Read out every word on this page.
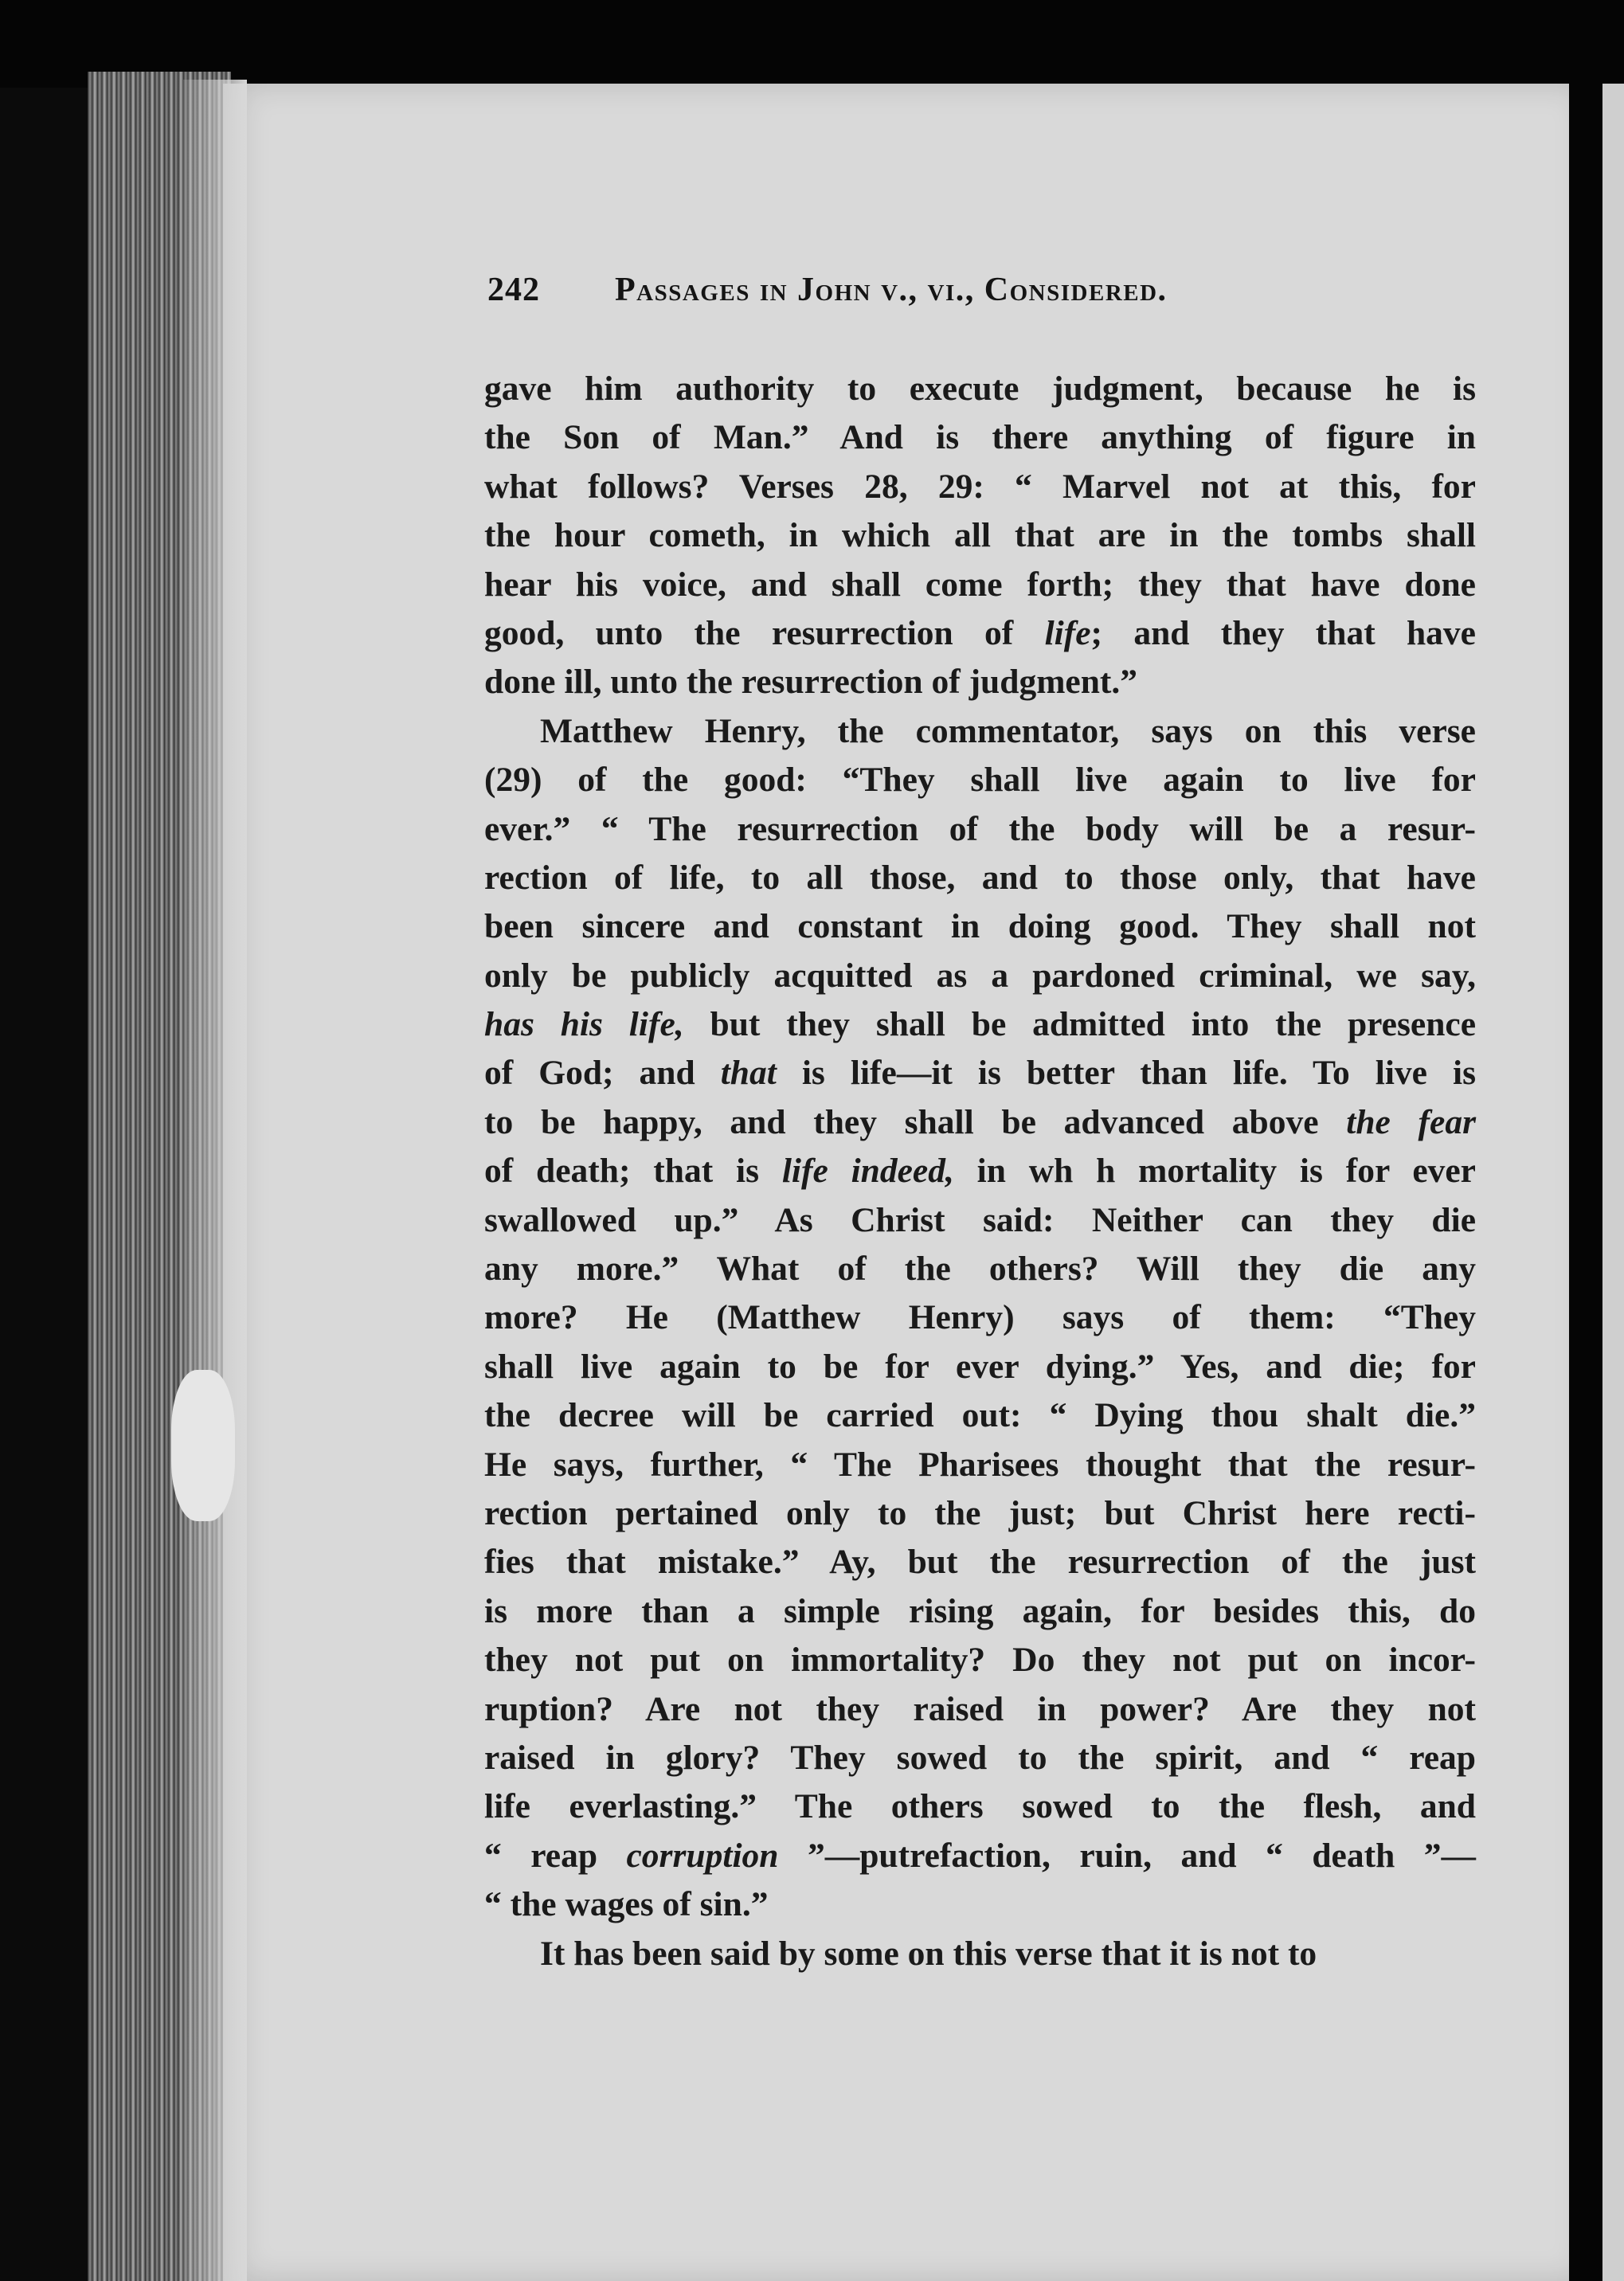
242 Passages in John v., vi., Considered.
gave him authority to execute judgment, because he is
the Son of Man.” And is there anything of figure in
what follows? Verses 28, 29: “ Marvel not at this, for
the hour cometh, in which all that are in the tombs shall
hear his voice, and shall come forth; they that have done
good, unto the resurrection of life; and they that have
done ill, unto the resurrection of judgment.”
Matthew Henry, the commentator, says on this verse
(29) of the good: “They shall live again to live for
ever.” “ The resurrection of the body will be a resur-
rection of life, to all those, and to those only, that have
been sincere and constant in doing good. They shall not
only be publicly acquitted as a pardoned criminal, we say,
has his life, but they shall be admitted into the presence
of God; and that is life—it is better than life. To live is
to be happy, and they shall be advanced above the fear
of death; that is life indeed, in wh h mortality is for ever
swallowed up.” As Christ said: Neither can they die
any more.” What of the others? Will they die any
more? He (Matthew Henry) says of them: “They
shall live again to be for ever dying.” Yes, and die; for
the decree will be carried out: “ Dying thou shalt die.”
He says, further, “ The Pharisees thought that the resur-
rection pertained only to the just; but Christ here recti-
fies that mistake.” Ay, but the resurrection of the just
is more than a simple rising again, for besides this, do
they not put on immortality? Do they not put on incor-
ruption? Are not they raised in power? Are they not
raised in glory? They sowed to the spirit, and “ reap
life everlasting.” The others sowed to the flesh, and
“ reap corruption ”—putrefaction, ruin, and “ death ”—
“ the wages of sin.”
It has been said by some on this verse that it is not to
